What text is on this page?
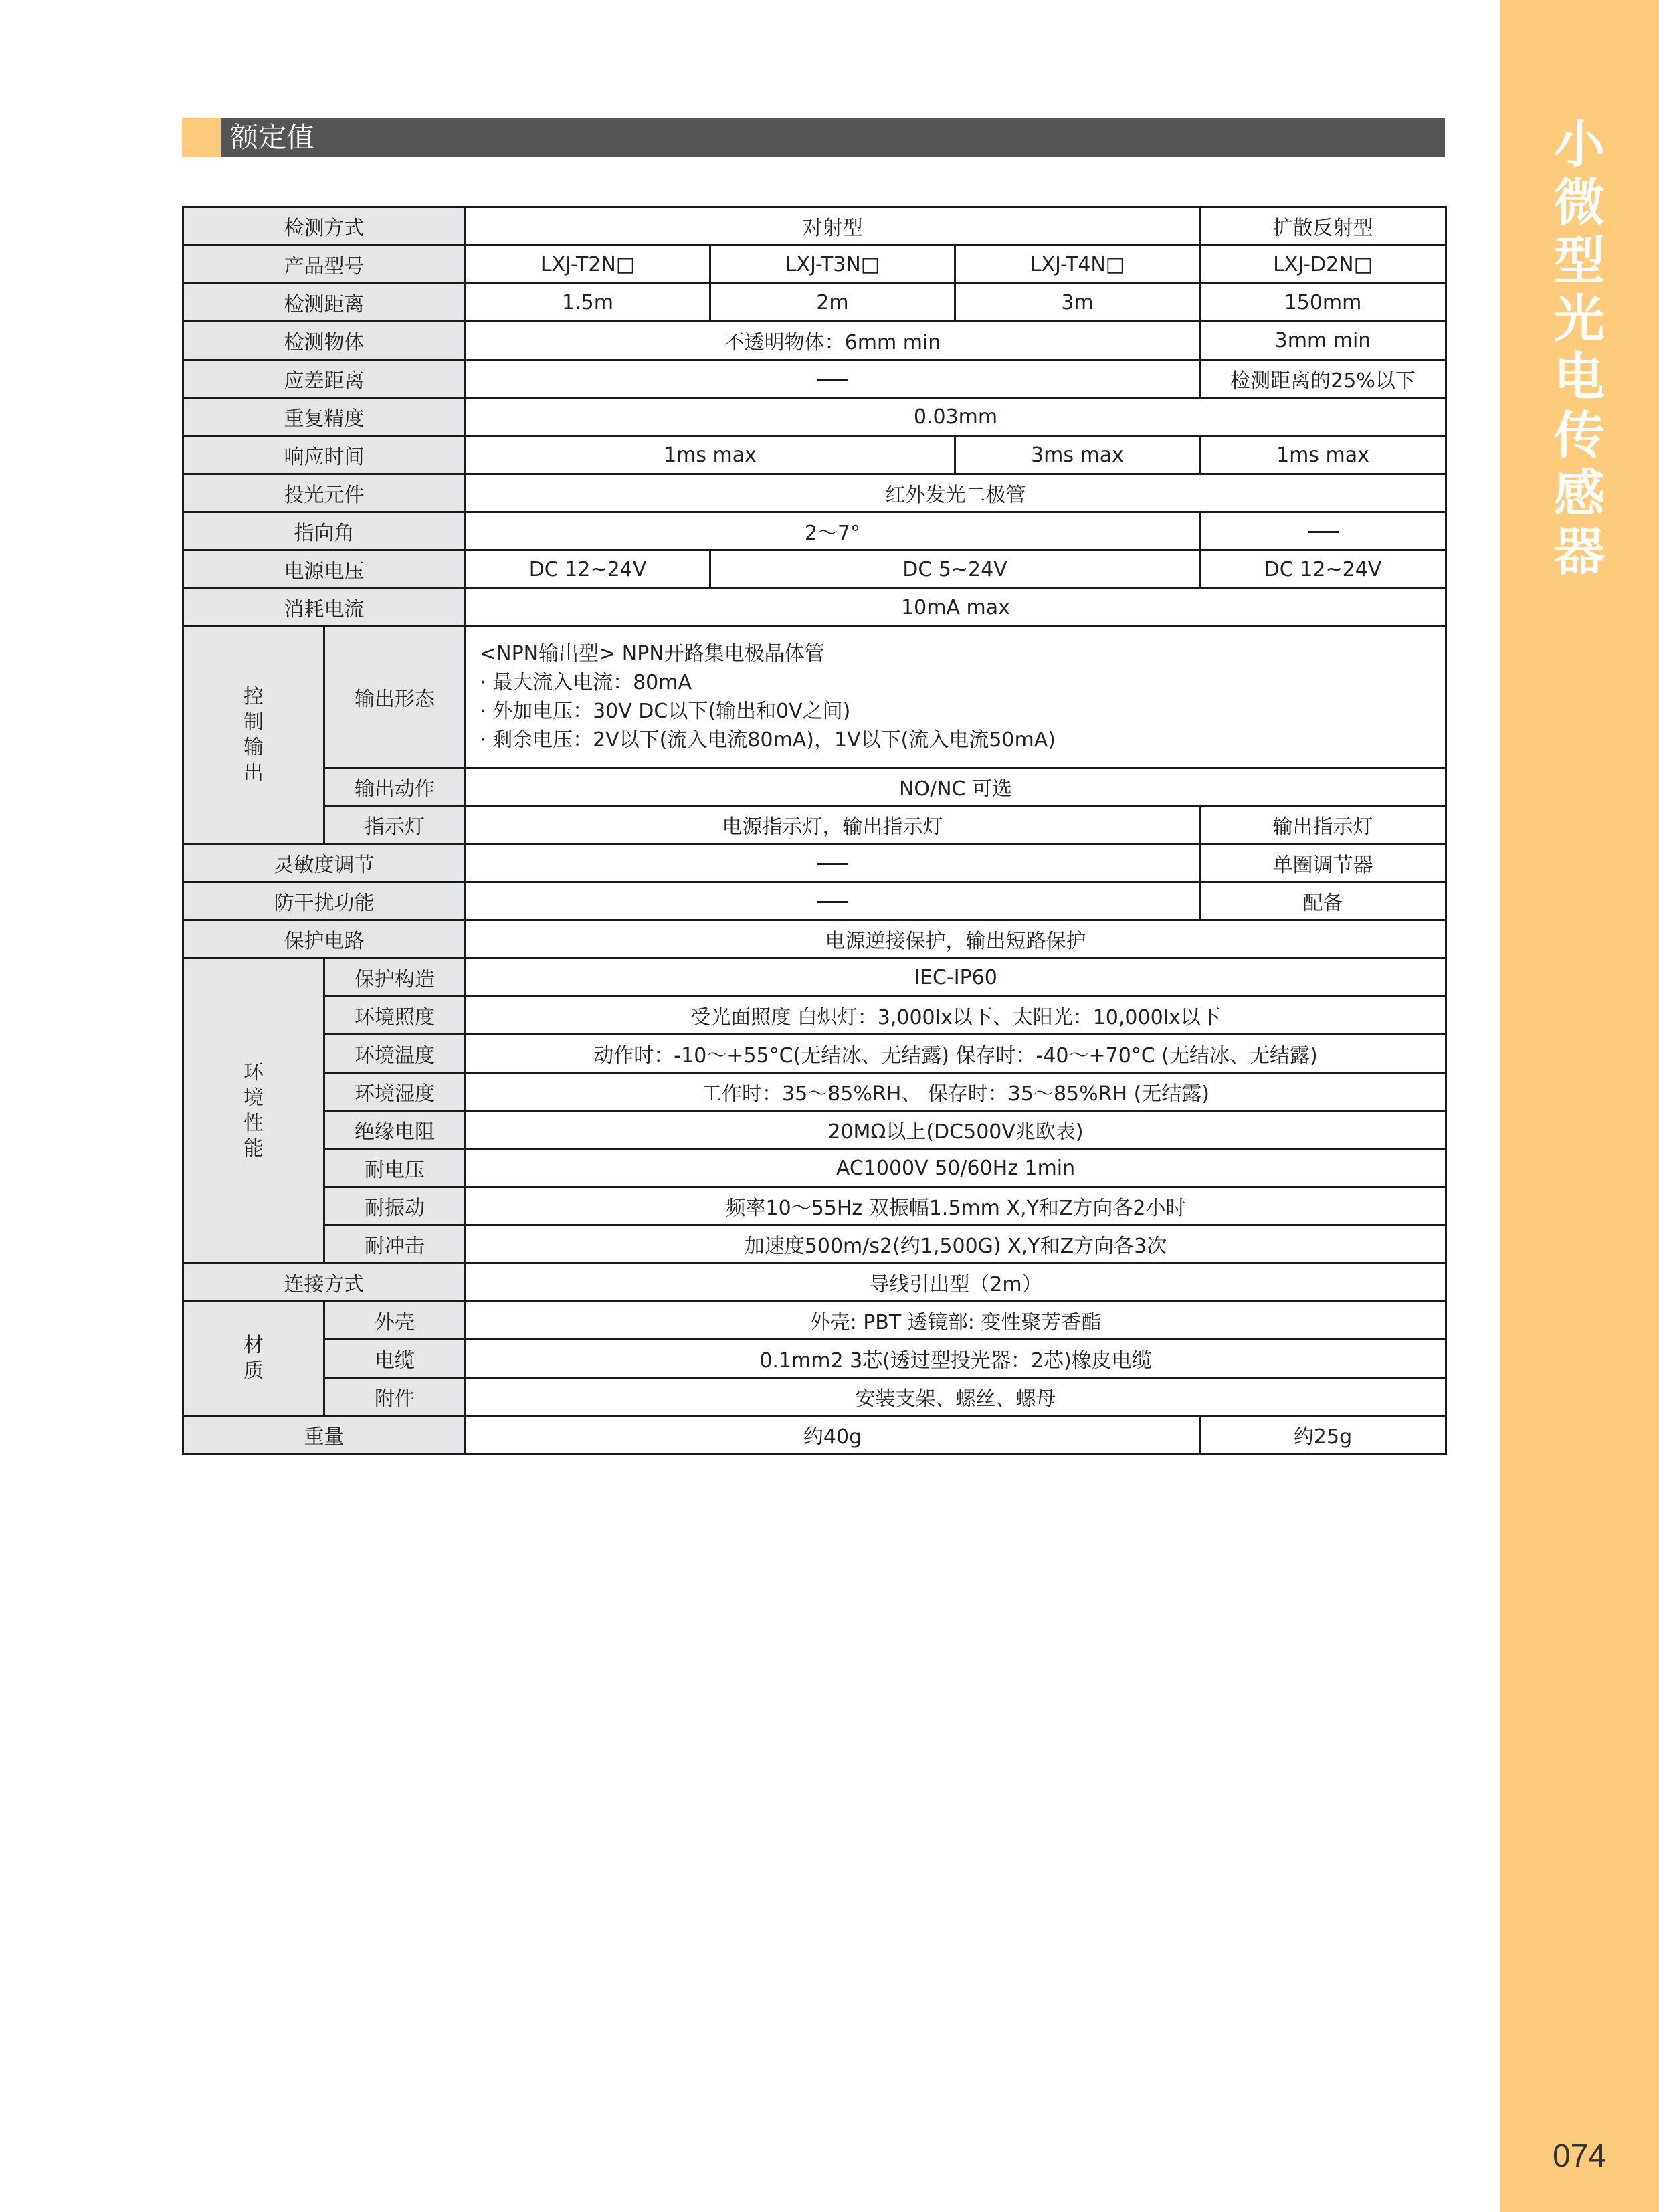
小
微
型
光
电
传
感
器
074
额定值
检测方式		对射型			扩散反射型
产品型号		LXJ-T2N□	LXJ-T3N□	LXJ-T4N□	LXJ-D2N□
检测距离		1.5m	2m	3m	150mm
检测物体		不透明物体：6mm min			3mm min
应差距离					检测距离的25%以下
重复精度		0.03mm			
响应时间		1ms max		3ms max	1ms max
投光元件		红外发光二极管			
指向角		2～7°			
电源电压		DC 12~24V	DC 5~24V		DC 12~24V
消耗电流		10mA max			

控
制
输
出	输出形态	<NPN输出型> NPN开路集电极晶体管
· 最大流入电流：80mA
· 外加电压：30V DC以下(输出和0V之间)
· 剩余电压：2V以下(流入电流80mA)，1V以下(流入电流50mA)			

	输出动作	NO/NC 可选			
	指示灯	电源指示灯，输出指示灯			输出指示灯
灵敏度调节					单圈调节器
防干扰功能					配备
保护电路		电源逆接保护，输出短路保护			

环
境
性
能	保护构造	IEC-IP60			
	环境照度	受光面照度 白炽灯：3,000lx以下、太阳光：10,000lx以下			
	环境温度	动作时：-10～+55°C(无结冰、无结露) 保存时：-40～+70°C (无结冰、无结露)			
	环境湿度	工作时：35～85%RH、 保存时：35～85%RH (无结露)			
	绝缘电阻	20MΩ以上(DC500V兆欧表)			
	耐电压	AC1000V 50/60Hz 1min			
	耐振动	频率10～55Hz 双振幅1.5mm X,Y和Z方向各2小时			
	耐冲击	加速度500m/s2(约1,500G) X,Y和Z方向各3次			
连接方式		导线引出型（2m）			

材
质	外壳	外壳: PBT 透镜部: 变性聚芳香酯			
	电缆	0.1mm2 3芯(透过型投光器：2芯)橡皮电缆			
	附件	安装支架、螺丝、螺母			
重量		约40g			约25g
